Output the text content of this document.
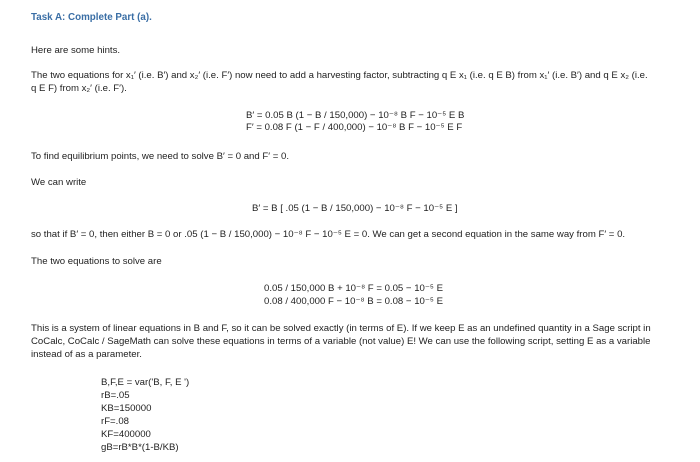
Task A: Complete Part (a).
Here are some hints.
The two equations for x₁′ (i.e. B′) and x₂′ (i.e. F′) now need to add a harvesting factor, subtracting q E x₁ (i.e. q E B) from x₁′ (i.e. B′) and q E x₂ (i.e.
q E F) from x₂′ (i.e. F′).
B′ = 0.05 B (1 − B / 150,000) − 10⁻⁸ B F − 10⁻⁵ E B
F′ = 0.08 F (1 − F / 400,000) − 10⁻⁸ B F − 10⁻⁵ E F
To find equilibrium points, we need to solve B′ = 0 and F′ = 0.
We can write
B′ = B [ .05 (1 − B / 150,000) − 10⁻⁸ F − 10⁻⁵ E ]
so that if B′ = 0, then either B = 0 or .05 (1 − B / 150,000) − 10⁻⁸ F − 10⁻⁵ E = 0. We can get a second equation in the same way from F′ = 0.
The two equations to solve are
0.05 / 150,000 B + 10⁻⁸ F = 0.05 − 10⁻⁵ E
0.08 / 400,000 F − 10⁻⁸ B = 0.08 − 10⁻⁵ E
This is a system of linear equations in B and F, so it can be solved exactly (in terms of E). If we keep E as an undefined quantity in a Sage script in
CoCalc, CoCalc / SageMath can solve these equations in terms of a variable (not value) E! We can use the following script, setting E as a variable
instead of as a parameter.
B,F,E = var('B, F, E ')
rB=.05
KB=150000
rF=.08
KF=400000
gB=rB*B*(1-B/KB)
